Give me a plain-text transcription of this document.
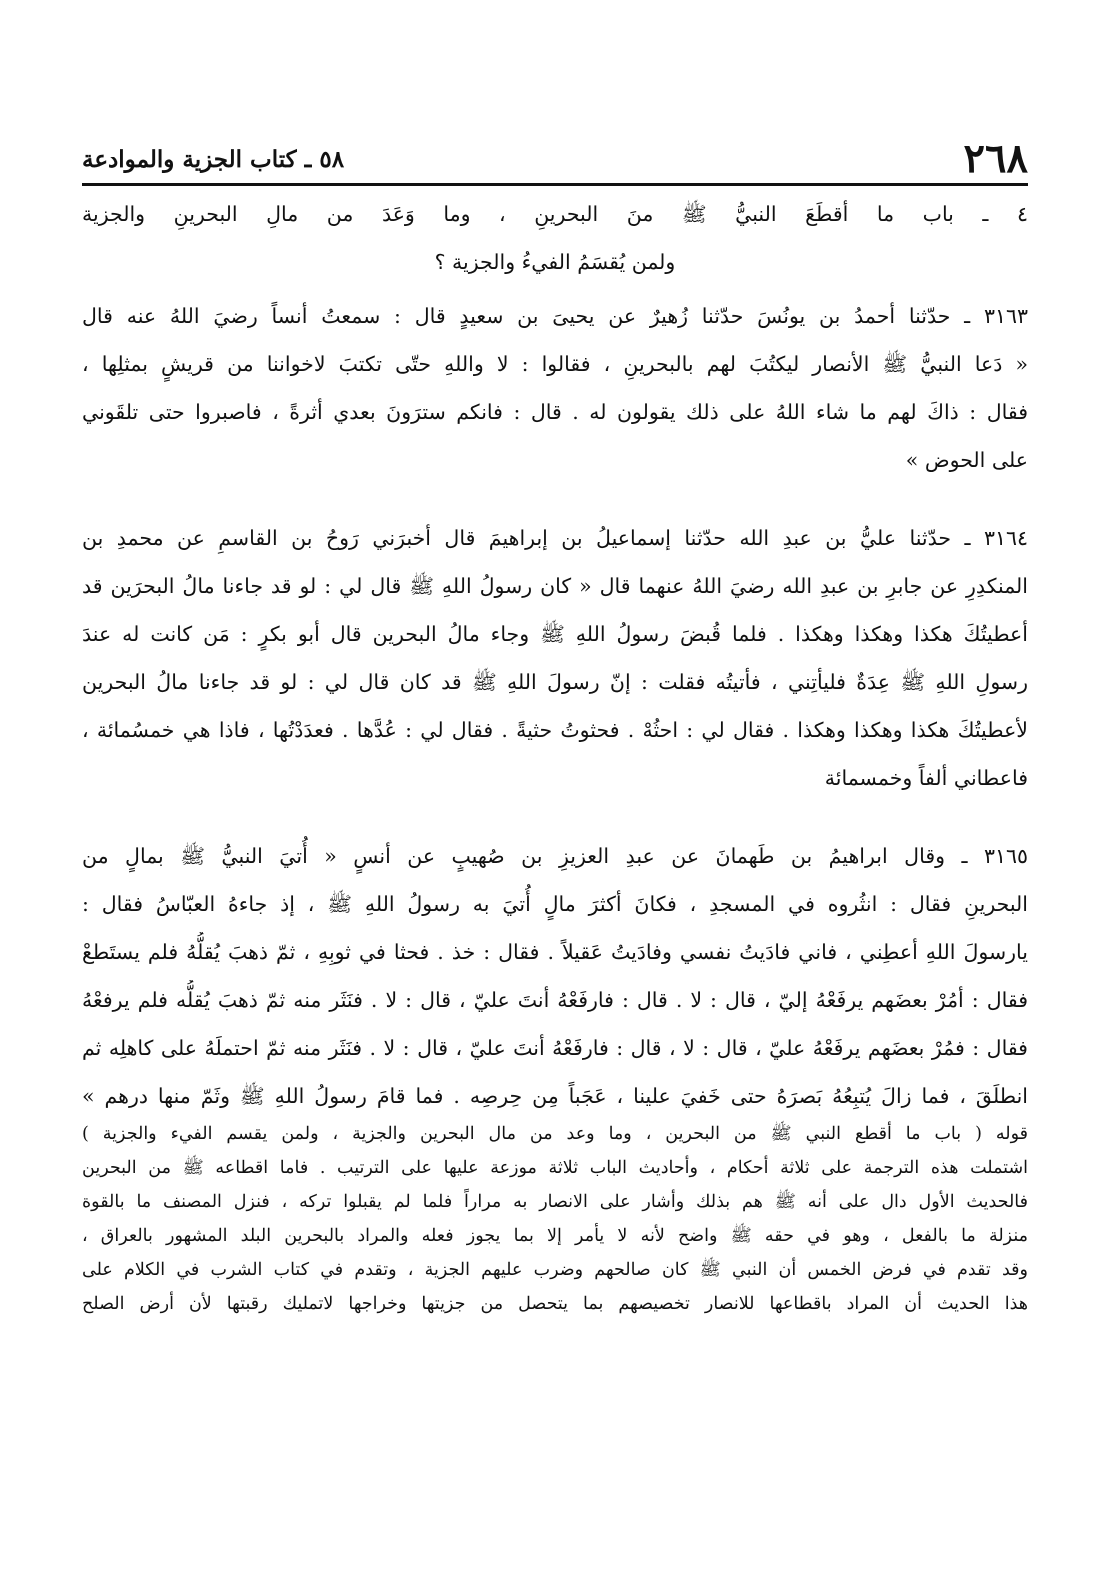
٢٦٨
٥٨ ـ كتاب الجزية والموادعة
٤ ـ باب ما أقطَعَ النبيُّ ﷺ منَ البحرينِ ، وما وَعَدَ من مالِ البحرينِ والجزية
ولمن يُقسَمُ الفيءُ والجزية ؟
٣١٦٣ ـ حدّثنا أحمدُ بن يونُسَ حدّثنا زُهيرٌ عن يحيىَ بن سعيدٍ قال : سمعتُ أنساً رضيَ اللهُ عنه قال
« دَعا النبيُّ ﷺ الأنصار ليكتُبَ لهم بالبحرينِ ، فقالوا : لا واللهِ حتّى تكتبَ لاخواننا من قريشٍ بمثلِها ،
فقال : ذاكَ لهم ما شاء اللهُ على ذلك يقولون له . قال : فانكم سترَونَ بعدي أثرةً ، فاصبروا حتى تلقَوني
على الحوض »
٣١٦٤ ـ حدّثنا عليُّ بن عبدِ الله حدّثنا إسماعيلُ بن إبراهيمَ قال أخبرَني رَوحُ بن القاسمِ عن محمدِ بن
المنكدِرِ عن جابرِ بن عبدِ الله رضيَ اللهُ عنهما قال « كان رسولُ اللهِ ﷺ قال لي : لو قد جاءنا مالُ البحرَين قد
أعطيتُكَ هكذا وهكذا وهكذا . فلما قُبضَ رسولُ اللهِ ﷺ وجاء مالُ البحرين قال أبو بكرٍ : مَن كانت له عندَ
رسولِ اللهِ ﷺ عِدَةٌ فليأتِني ، فأتيتُه فقلت : إنّ رسولَ اللهِ ﷺ قد كان قال لي : لو قد جاءنا مالُ البحرين
لأعطيتُكَ هكذا وهكذا وهكذا . فقال لي : احثُهْ . فحثوتُ حثيةً . فقال لي : عُدَّها . فعدَدْتُها ، فاذا هي خمسُمائة ،
فاعطاني ألفاً وخمسمائة
٣١٦٥ ـ وقال ابراهيمُ بن طَهمانَ عن عبدِ العزيزِ بن صُهيبٍ عن أنسٍ « أُتيَ النبيُّ ﷺ بمالٍ من
البحرينِ فقال : انثُروه في المسجدِ ، فكانَ أكثرَ مالٍ أُتيَ به رسولُ اللهِ ﷺ ، إذ جاءهُ العبّاسُ فقال :
يارسولَ اللهِ أعطِني ، فاني فادَيتُ نفسي وفادَيتُ عَقيلاً . فقال : خذ . فحثا في ثوبِهِ ، ثمّ ذهبَ يُقلُّهُ فلم يستَطعْ
فقال : أمُرْ بعضَهم يرفَعْهُ إليّ ، قال : لا . قال : فارفَعْهُ أنتَ عليّ ، قال : لا . فنَثَر منه ثمّ ذهبَ يُقلُّه فلم يرفعْهُ
فقال : فمُرْ بعضَهم يرفَعْهُ عليّ ، قال : لا ، قال : فارفَعْهُ أنتَ عليّ ، قال : لا . فنَثَر منه ثمّ احتملَهُ على كاهلِه ثم
انطلَقَ ، فما زالَ يُتبِعُهُ بَصرَهُ حتى خَفيَ علينا ، عَجَباً مِن حِرصِه . فما قامَ رسولُ اللهِ ﷺ وثَمّ منها درهم »
قوله ( باب ما أقطع النبي ﷺ من البحرين ، وما وعد من مال البحرين والجزية ، ولمن يقسم الفيء والجزية )
اشتملت هذه الترجمة على ثلاثة أحكام ، وأحاديث الباب ثلاثة موزعة عليها على الترتيب . فاما اقطاعه ﷺ من البحرين
فالحديث الأول دال على أنه ﷺ هم بذلك وأشار على الانصار به مراراً فلما لم يقبلوا تركه ، فنزل المصنف ما بالقوة
منزلة ما بالفعل ، وهو في حقه ﷺ واضح لأنه لا يأمر إلا بما يجوز فعله والمراد بالبحرين البلد المشهور بالعراق ،
وقد تقدم في فرض الخمس أن النبي ﷺ كان صالحهم وضرب عليهم الجزية ، وتقدم في كتاب الشرب في الكلام على
هذا الحديث أن المراد باقطاعها للانصار تخصيصهم بما يتحصل من جزيتها وخراجها لاتمليك رقبتها لأن أرض الصلح
